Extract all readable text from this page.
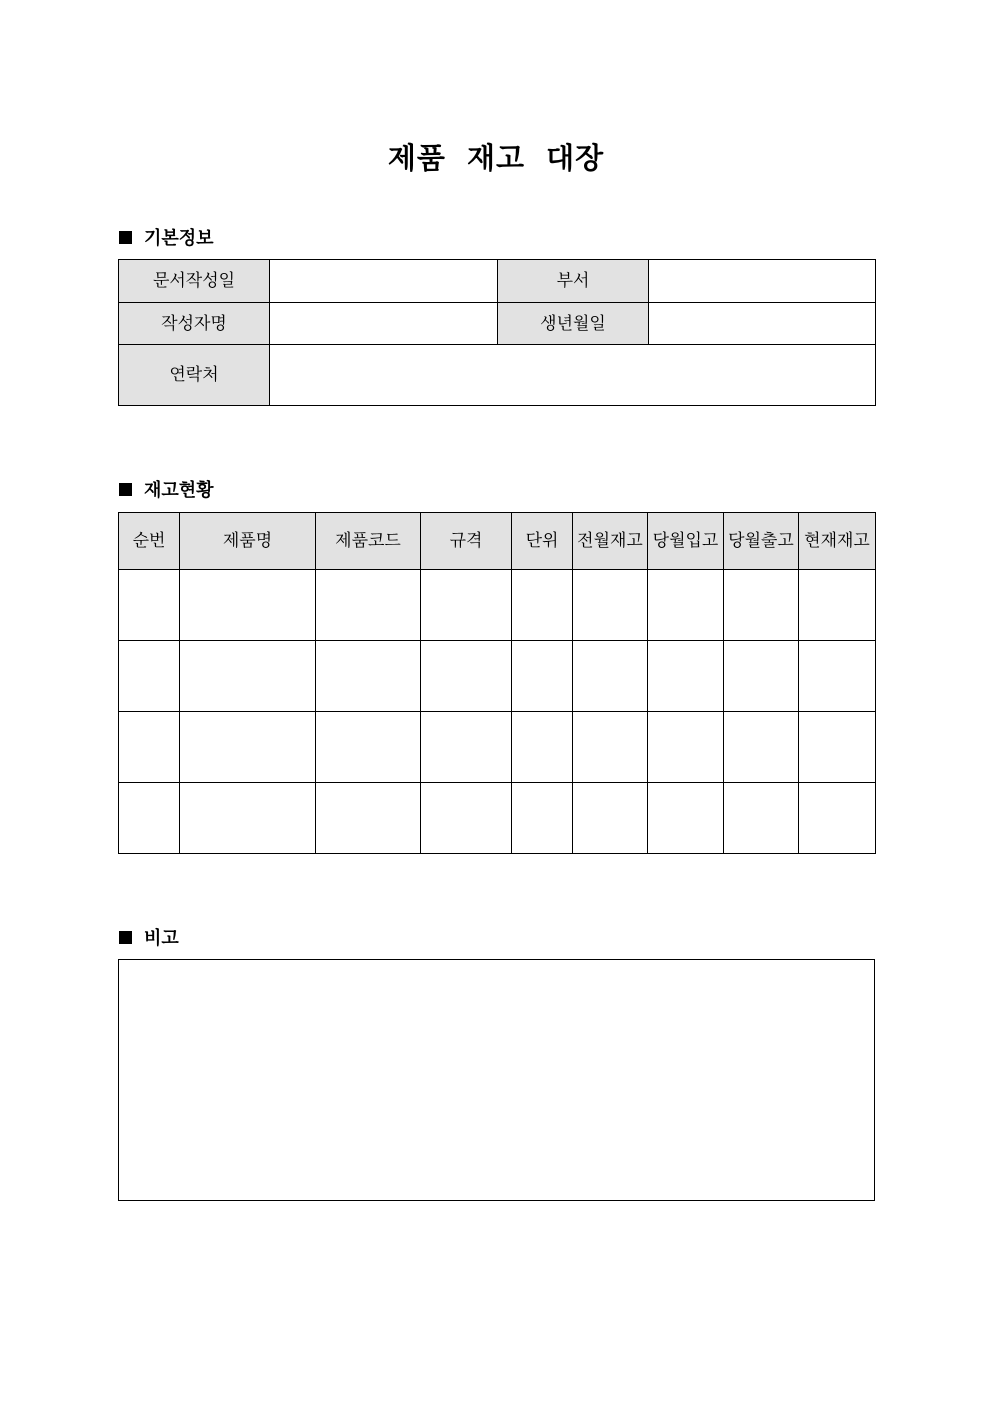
제품 재고 대장
기본정보
문서작성일		부서	
작성자명		생년월일	
연락처			
재고현황
순번	제품명	제품코드	규격	단위	전월재고	당월입고	당월출고	현재재고

비고
